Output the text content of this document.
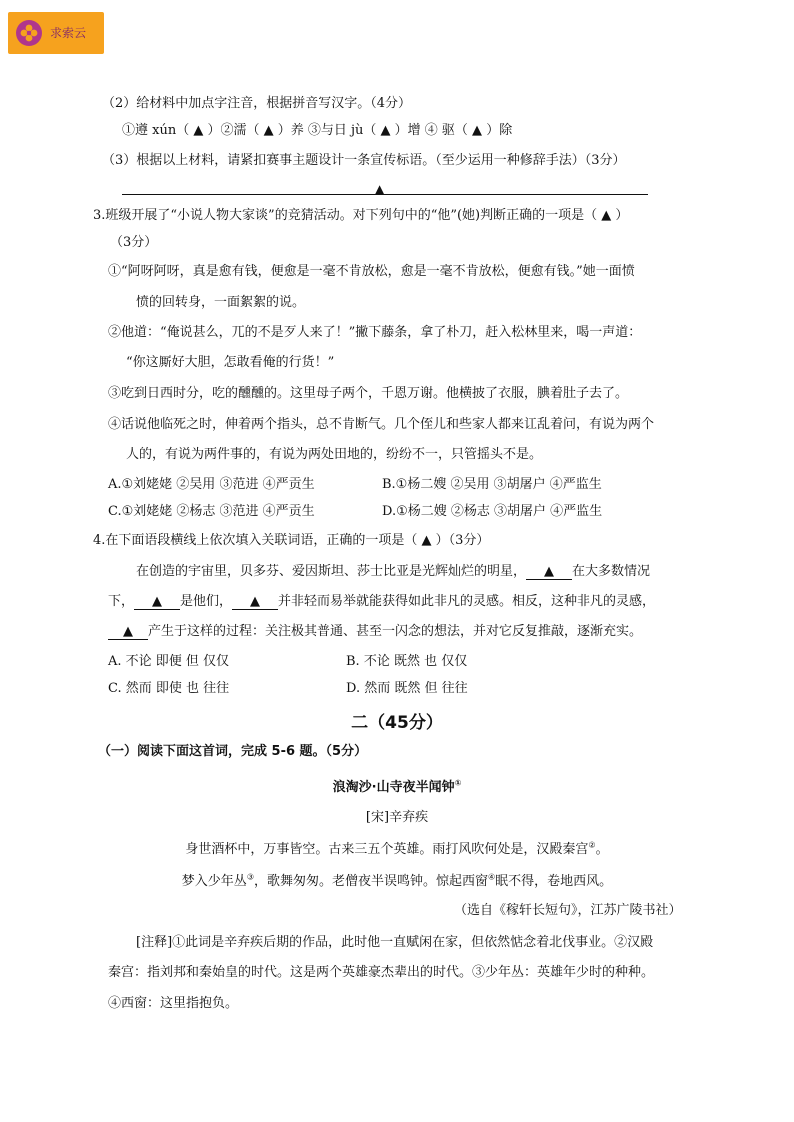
求索云
（2）给材料中加点字注音，根据拼音写汉字。（4分）
①遵 xún（ ▲ ）②濡（ ▲ ）养 ③与日 jù（ ▲ ）增 ④ 驱（ ▲ ）除
（3）根据以上材料，请紧扣赛事主题设计一条宣传标语。（至少运用一种修辞手法）（3分）
▲
3.班级开展了“小说人物大家谈”的竞猜活动。对下列句中的“他”(她)判断正确的一项是（ ▲ ）
（3分）
①“阿呀阿呀，真是愈有钱，便愈是一毫不肯放松，愈是一毫不肯放松，便愈有钱。”她一面愤
愤的回转身，一面絮絮的说。
②他道：“俺说甚么，兀的不是歹人来了！”撇下藤条，拿了朴刀，赶入松林里来，喝一声道：
“你这厮好大胆，怎敢看俺的行货！”
③吃到日西时分，吃的醺醺的。这里母子两个，千恩万谢。他横披了衣服，腆着肚子去了。
④话说他临死之时，伸着两个指头，总不肯断气。几个侄儿和些家人都来讧乱着问，有说为两个
人的，有说为两件事的，有说为两处田地的，纷纷不一，只管摇头不是。
A.①刘姥姥 ②吴用 ③范进 ④严贡生	B.①杨二嫂 ②吴用 ③胡屠户 ④严监生
C.①刘姥姥 ②杨志 ③范进 ④严贡生	D.①杨二嫂 ②杨志 ③胡屠户 ④严监生
4.在下面语段横线上依次填入关联词语，正确的一项是（ ▲ ）（3分）
在创造的宇宙里，贝多芬、爱因斯坦、莎士比亚是光辉灿烂的明星， ▲ 在大多数情况
下， ▲ 是他们， ▲ 并非轻而易举就能获得如此非凡的灵感。相反，这种非凡的灵感，
▲ 产生于这样的过程：关注极其普通、甚至一闪念的想法，并对它反复推敲，逐渐充实。
A. 不论 即便 但 仅仅	B. 不论 既然 也 仅仅
C. 然而 即使 也 往往	D. 然而 既然 但 往往
二（45分）
（一）阅读下面这首词，完成 5-6 题。（5分）
浪淘沙·山寺夜半闻钟①
[宋]辛弃疾
身世酒杯中，万事皆空。古来三五个英雄。雨打风吹何处是，汉殿秦宫②。
梦入少年丛③，歌舞匆匆。老僧夜半误鸣钟。惊起西窗④眠不得，卷地西风。
（选自《稼轩长短句》，江苏广陵书社）
[注释]①此词是辛弃疾后期的作品，此时他一直赋闲在家，但依然惦念着北伐事业。②汉殿
秦宫：指刘邦和秦始皇的时代。这是两个英雄豪杰辈出的时代。③少年丛：英雄年少时的种种。
④西窗：这里指抱负。
